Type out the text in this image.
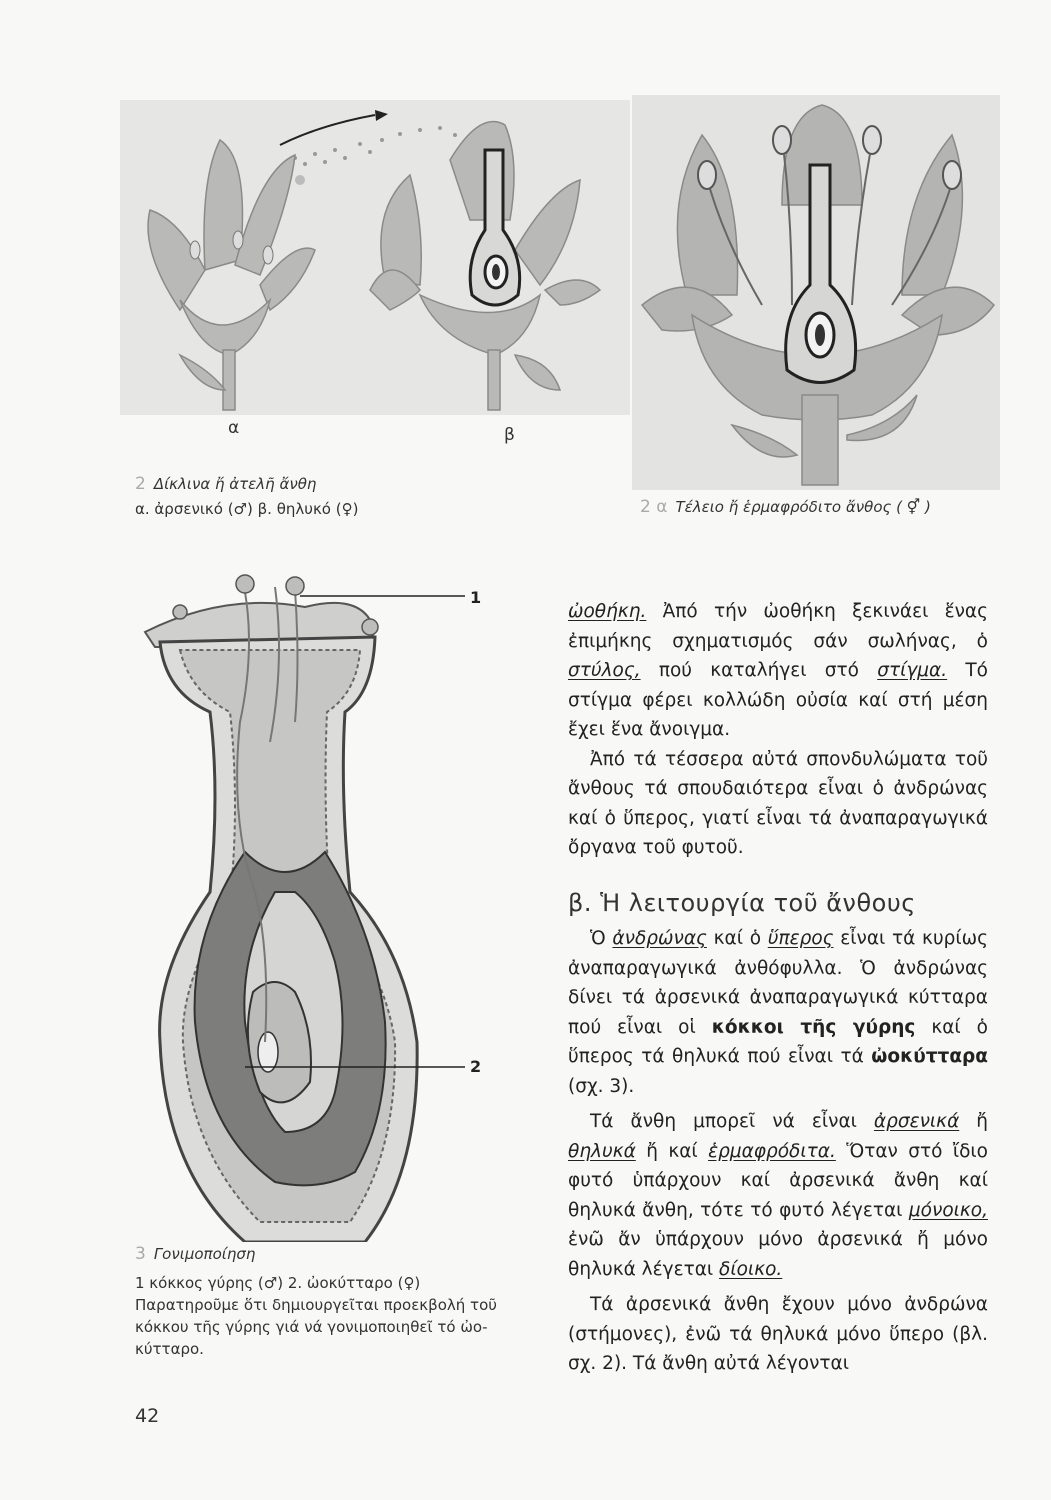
α	β
2 Δίκλινα ἤ ἀτελῆ ἄνθη
α. ἀρσενικό (♂) β. θηλυκό (♀)	2 α Τέλειο ἤ ἑρμαφρόδιτο ἄνθος ( ⚥ )
1
2
3 Γονιμοποίηση
1 κόκκος γύρης (♂) 2. ὠοκύτταρο (♀)
Παρατηροῦμε ὅτι δημιουργεῖται προεκβολή τοῦ
κόκκου τῆς γύρης γιά νά γονιμοποιηθεῖ τό ὠο-
κύτταρο.

ὠοθήκη. Ἀπό τήν ὠοθήκη ξεκινάει ἕνας ἐπιμήκης σχηματισμός σάν σωλήνας, ὁ στύλος, πού καταλήγει στό στίγμα. Τό στίγμα φέρει κολλώδη οὐσία καί στή μέση ἔχει ἕνα ἄνοιγμα.

Ἀπό τά τέσσερα αὐτά σπονδυλώματα τοῦ ἄνθους τά σπουδαιότερα εἶναι ὁ ἀνδρώνας καί ὁ ὕπερος, γιατί εἶναι τά ἀναπαραγωγικά ὄργανα τοῦ φυτοῦ.

β. Ἡ λειτουργία τοῦ ἄνθους

Ὁ ἀνδρώνας καί ὁ ὕπερος εἶναι τά κυρίως ἀναπαραγωγικά ἀνθόφυλλα. Ὁ ἀνδρώνας δίνει τά ἀρσενικά ἀναπαραγωγικά κύτταρα πού εἶναι οἱ κόκκοι τῆς γύρης καί ὁ ὕπερος τά θηλυκά πού εἶναι τά ὠοκύτταρα (σχ. 3).

Τά ἄνθη μπορεῖ νά εἶναι ἀρσενικά ἤ θηλυκά ἤ καί ἑρμαφρόδιτα. Ὅταν στό ἴδιο φυτό ὑπάρχουν καί ἀρσενικά ἄνθη καί θηλυκά ἄνθη, τότε τό φυτό λέγεται μόνοικο, ἐνῶ ἄν ὑπάρχουν μόνο ἀρσενικά ἤ μόνο θηλυκά λέγεται δίοικο.

Τά ἀρσενικά ἄνθη ἔχουν μόνο ἀνδρώνα (στήμονες), ἐνῶ τά θηλυκά μόνο ὕπερο (βλ. σχ. 2). Τά ἄνθη αὐτά λέγονται

42
